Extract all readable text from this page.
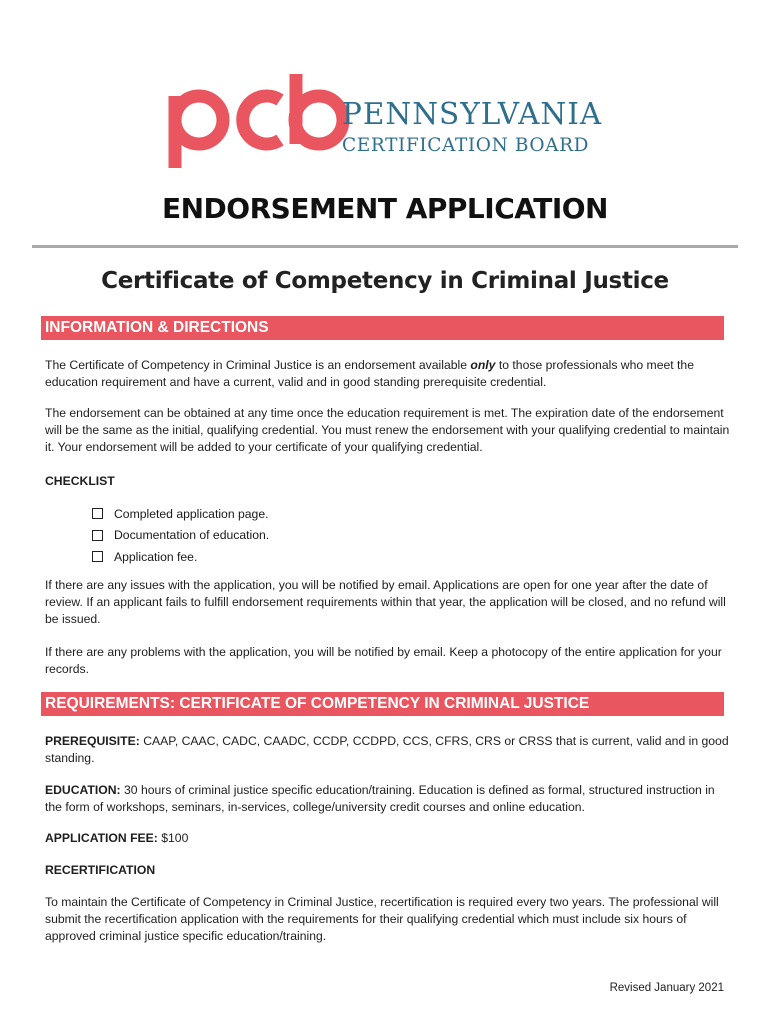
PENNSYLVANIA
CERTIFICATION BOARD
ENDORSEMENT APPLICATION
Certificate of Competency in Criminal Justice
INFORMATION & DIRECTIONS
The Certificate of Competency in Criminal Justice is an endorsement available only to those professionals who meet the education requirement and have a current, valid and in good standing prerequisite credential.
The endorsement can be obtained at any time once the education requirement is met. The expiration date of the endorsement will be the same as the initial, qualifying credential. You must renew the endorsement with your qualifying credential to maintain it. Your endorsement will be added to your certificate of your qualifying credential.
CHECKLIST
Completed application page.
Documentation of education.
Application fee.
If there are any issues with the application, you will be notified by email. Applications are open for one year after the date of review. If an applicant fails to fulfill endorsement requirements within that year, the application will be closed, and no refund will be issued.
If there are any problems with the application, you will be notified by email. Keep a photocopy of the entire application for your records.
REQUIREMENTS: CERTIFICATE OF COMPETENCY IN CRIMINAL JUSTICE
PREREQUISITE: CAAP, CAAC, CADC, CAADC, CCDP, CCDPD, CCS, CFRS, CRS or CRSS that is current, valid and in good standing.
EDUCATION: 30 hours of criminal justice specific education/training. Education is defined as formal, structured instruction in the form of workshops, seminars, in-services, college/university credit courses and online education.
APPLICATION FEE: $100
RECERTIFICATION
To maintain the Certificate of Competency in Criminal Justice, recertification is required every two years. The professional will submit the recertification application with the requirements for their qualifying credential which must include six hours of approved criminal justice specific education/training.
Revised January 2021
